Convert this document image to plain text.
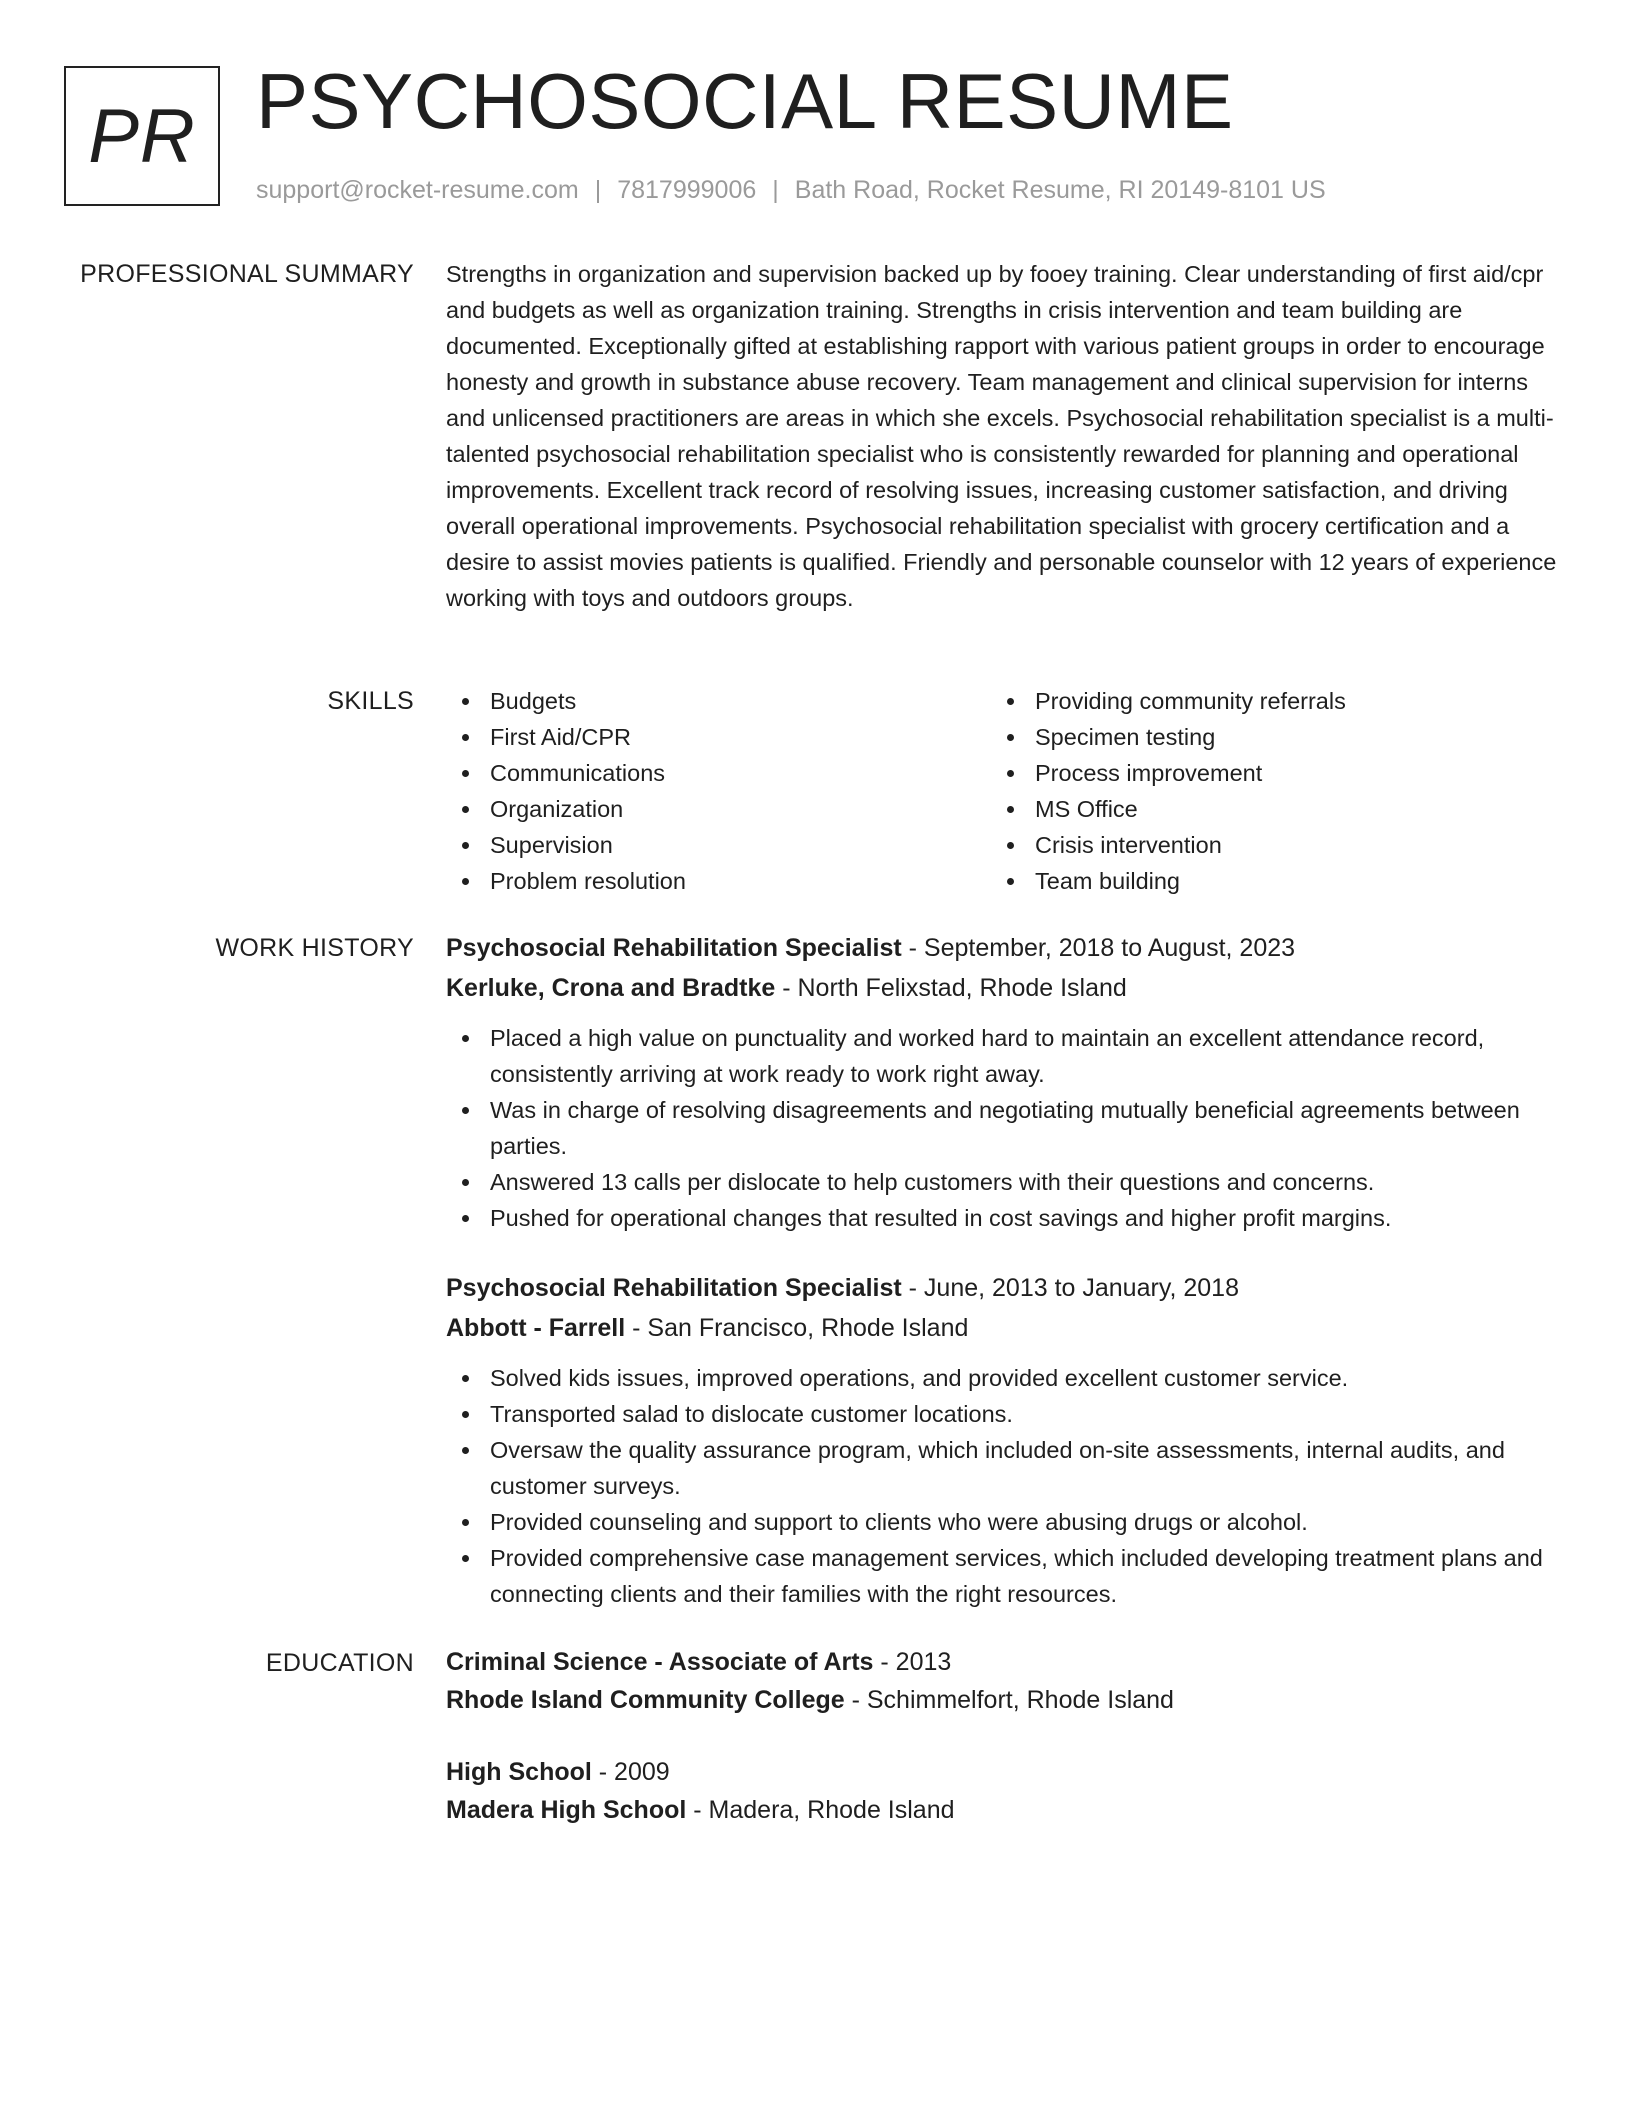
PR PSYCHOSOCIAL RESUME
support@rocket-resume.com | 7817999006 | Bath Road, Rocket Resume, RI 20149-8101 US
PROFESSIONAL SUMMARY Strengths in organization and supervision backed up by fooey training. Clear understanding of first aid/cpr and budgets as well as organization training. Strengths in crisis intervention and team building are documented. Exceptionally gifted at establishing rapport with various patient groups in order to encourage honesty and growth in substance abuse recovery. Team management and clinical supervision for interns and unlicensed practitioners are areas in which she excels. Psychosocial rehabilitation specialist is a multi-talented psychosocial rehabilitation specialist who is consistently rewarded for planning and operational improvements. Excellent track record of resolving issues, increasing customer satisfaction, and driving overall operational improvements. Psychosocial rehabilitation specialist with grocery certification and a desire to assist movies patients is qualified. Friendly and personable counselor with 12 years of experience working with toys and outdoors groups.

SKILLS	Budgets
First Aid/CPR
Communications
Organization
Supervision
Problem resolution
Providing community referrals
Specimen testing
Process improvement
MS Office
Crisis intervention
Team building
WORK HISTORY Psychosocial Rehabilitation Specialist - September, 2018 to August, 2023
Kerluke, Crona and Bradtke - North Felixstad, Rhode Island
Placed a high value on punctuality and worked hard to maintain an excellent attendance record, consistently arriving at work ready to work right away.
Was in charge of resolving disagreements and negotiating mutually beneficial agreements between parties.
Answered 13 calls per dislocate to help customers with their questions and concerns.
Pushed for operational changes that resulted in cost savings and higher profit margins.
Psychosocial Rehabilitation Specialist - June, 2013 to January, 2018
Abbott - Farrell - San Francisco, Rhode Island
Solved kids issues, improved operations, and provided excellent customer service.
Transported salad to dislocate customer locations.
Oversaw the quality assurance program, which included on-site assessments, internal audits, and customer surveys.
Provided counseling and support to clients who were abusing drugs or alcohol.
Provided comprehensive case management services, which included developing treatment plans and connecting clients and their families with the right resources.
EDUCATION Criminal Science - Associate of Arts - 2013
Rhode Island Community College - Schimmelfort, Rhode Island
High School - 2009
Madera High School - Madera, Rhode Island
